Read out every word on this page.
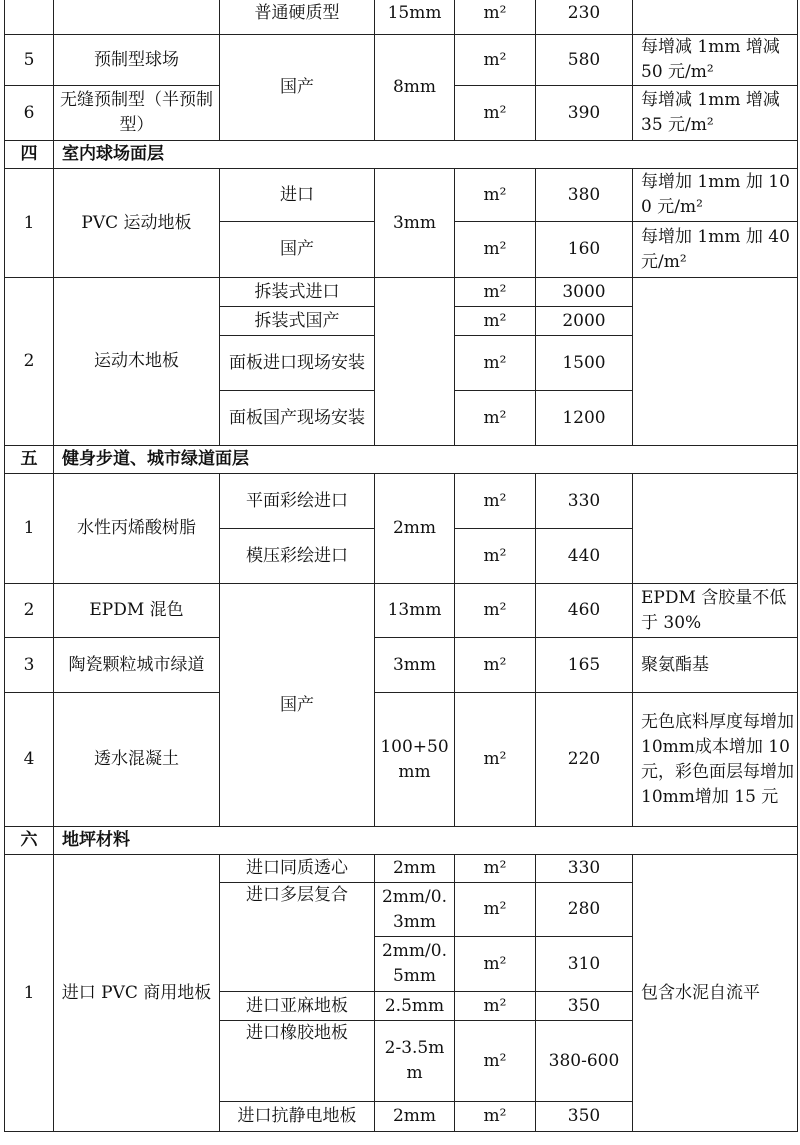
		普通硬质型	15mm	m²	230	
5	预制型球场	国产	8mm	m²	580	每增减 1mm 增减 50 元/m²
6	无缝预制型（半预制型）			m²	390	每增减 1mm 增减 35 元/m²
四	室内球场面层					
1	PVC 运动地板	进口	3mm	m²	380	每增加 1mm 加 100 元/m²
		国产		m²	160	每增加 1mm 加 40 元/m²
2	运动木地板	拆装式进口		m²	3000	
		拆装式国产		m²	2000	
		面板进口现场安装		m²	1500	
		面板国产现场安装		m²	1200	
五	健身步道、城市绿道面层					
1	水性丙烯酸树脂	平面彩绘进口	2mm	m²	330	
		模压彩绘进口		m²	440	
2	EPDM 混色	国产	13mm	m²	460	EPDM 含胶量不低于 30%
3	陶瓷颗粒城市绿道		3mm	m²	165	聚氨酯基
4	透水混凝土		100+50mm	m²	220	无色底料厚度每增加10mm成本增加 10 元，彩色面层每增加10mm增加 15 元
六	地坪材料					
1	进口 PVC 商用地板	进口同质透心	2mm	m²	330	包含水泥自流平
		进口多层复合	2mm/0.3mm	m²	280	
			2mm/0.5mm	m²	310	
		进口亚麻地板	2.5mm	m²	350	
		进口橡胶地板	2-3.5mm	m²	380-600	
		进口抗静电地板	2mm	m²	350	
